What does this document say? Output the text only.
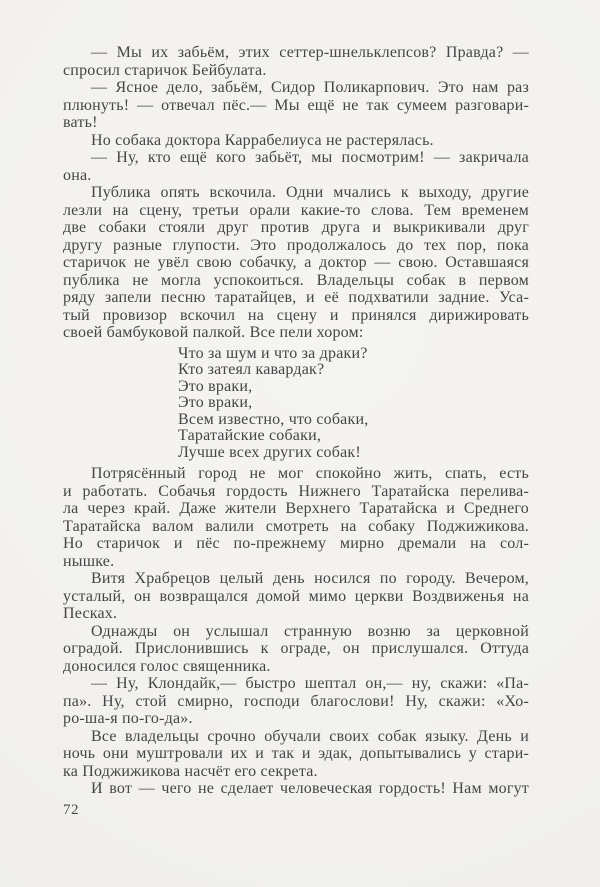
— Мы их забьём, этих сеттер-шнельклепсов? Правда? —
спросил старичок Бейбулата.
— Ясное дело, забьём, Сидор Поликарпович. Это нам раз
плюнуть! — отвечал пёс.— Мы ещё не так сумеем разговари-
вать!
Но собака доктора Каррабелиуса не растерялась.
— Ну, кто ещё кого забьёт, мы посмотрим! — закричала
она.
Публика опять вскочила. Одни мчались к выходу, другие
лезли на сцену, третьи орали какие-то слова. Тем временем
две собаки стояли друг против друга и выкрикивали друг
другу разные глупости. Это продолжалось до тех пор, пока
старичок не увёл свою собачку, а доктор — свою. Оставшаяся
публика не могла успокоиться. Владельцы собак в первом
ряду запели песню таратайцев, и её подхватили задние. Уса-
тый провизор вскочил на сцену и принялся дирижировать
своей бамбуковой палкой. Все пели хором:
Что за шум и что за драки?
Кто затеял кавардак?
Это враки,
Это враки,
Всем известно, что собаки,
Таратайские собаки,
Лучше всех других собак!
Потрясённый город не мог спокойно жить, спать, есть
и работать. Собачья гордость Нижнего Таратайска перелива-
ла через край. Даже жители Верхнего Таратайска и Среднего
Таратайска валом валили смотреть на собаку Поджижикова.
Но старичок и пёс по-прежнему мирно дремали на сол-
нышке.
Витя Храбрецов целый день носился по городу. Вечером,
усталый, он возвращался домой мимо церкви Воздвиженья на
Песках.
Однажды он услышал странную возню за церковной
оградой. Прислонившись к ограде, он прислушался. Оттуда
доносился голос священника.
— Ну, Клондайк,— быстро шептал он,— ну, скажи: «Па-
па». Ну, стой смирно, господи благослови! Ну, скажи: «Хо-
ро-ша-я по-го-да».
Все владельцы срочно обучали своих собак языку. День и
ночь они муштровали их и так и эдак, допытывались у стари-
ка Поджижикова насчёт его секрета.
И вот — чего не сделает человеческая гордость! Нам могут
72
